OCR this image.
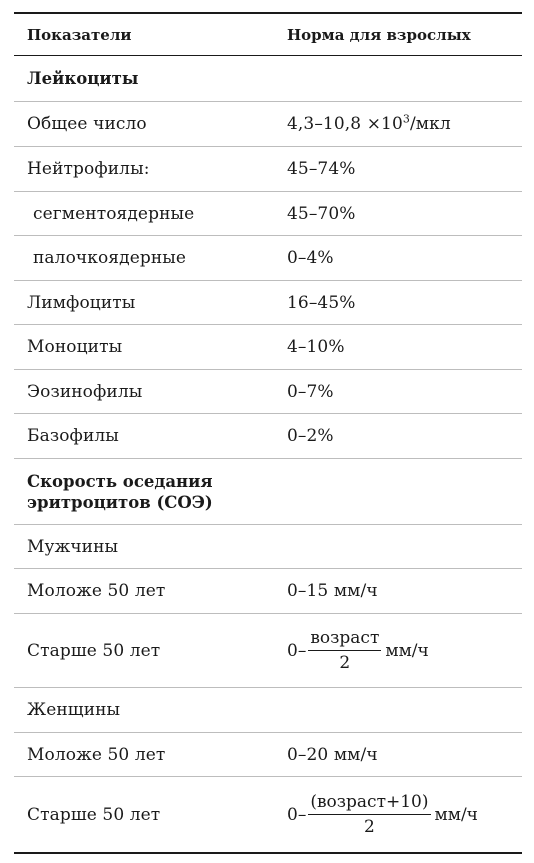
Показатели	Норма для взрослых
Лейкоциты
Общее число	$4,3-10,8 \times 10^3$/мкл
Нейтрофилы:	45–74%
сегментоядерные	45–70%
палочкоядерные	0–4%
Лимфоциты	16–45%
Моноциты	4–10%
Эозинофилы	0–7%
Базофилы	0–2%
Скорость оседания эритроцитов (СОЭ)
Мужчины
Моложе 50 лет	0–15 мм/ч
Старше 50 лет	$0- \frac{\text{возраст}}{2} мм/ч$
Женщины
Моложе 50 лет	0–20 мм/ч
Старше 50 лет	$0- \frac{\text{(возраст+10)}}{2} мм/ч$
